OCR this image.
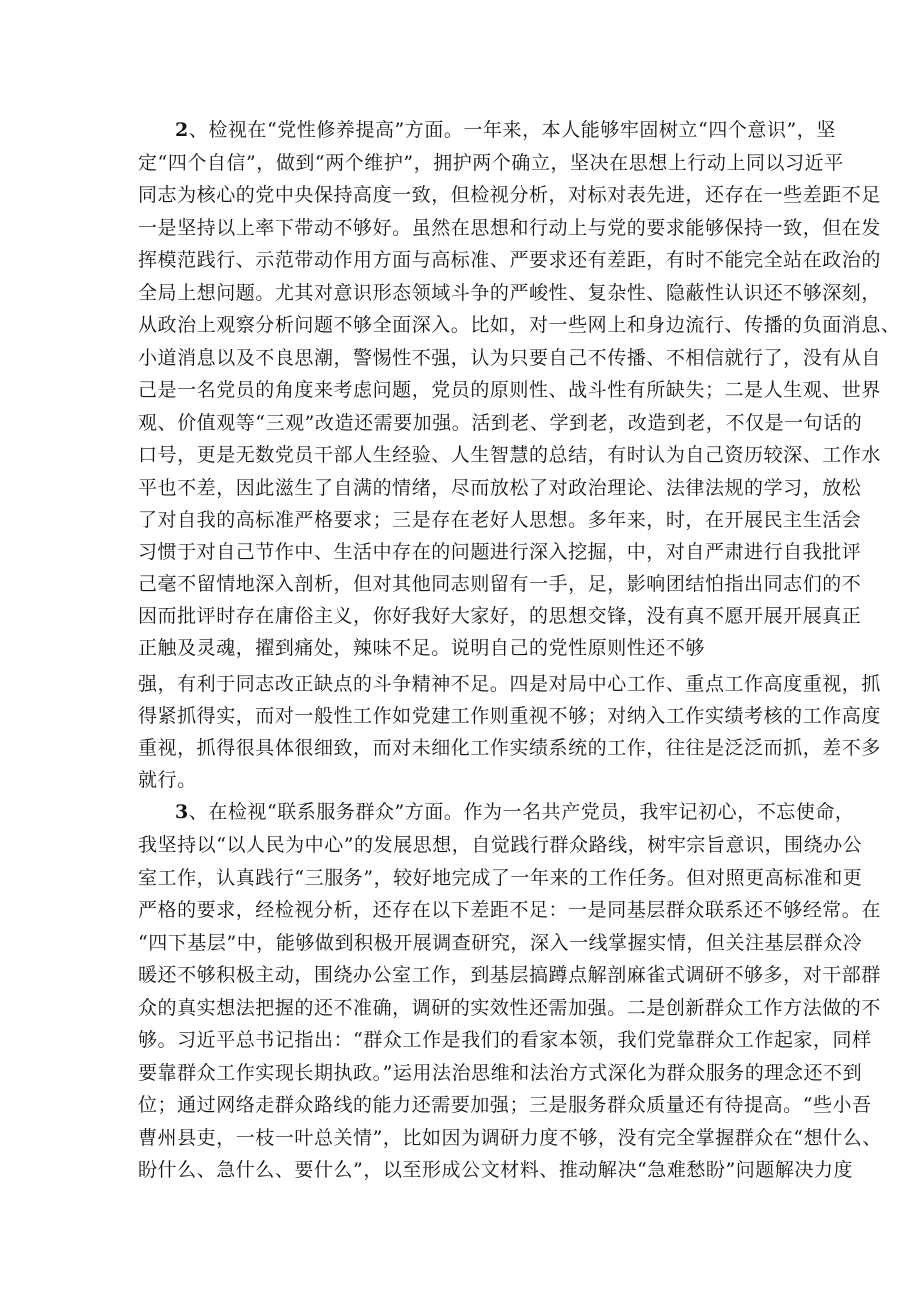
2、检视在“党性修养提高”方面。一年来，本人能够牢固树立“四个意识”，坚
定“四个自信”，做到“两个维护”，拥护两个确立，坚决在思想上行动上同以习近平
同志为核心的党中央保持高度一致，但检视分析，对标对表先进，还存在一些差距不足
一是坚持以上率下带动不够好。虽然在思想和行动上与党的要求能够保持一致，但在发
挥模范践行、示范带动作用方面与高标准、严要求还有差距，有时不能完全站在政治的
全局上想问题。尤其对意识形态领域斗争的严峻性、复杂性、隐蔽性认识还不够深刻，
从政治上观察分析问题不够全面深入。比如，对一些网上和身边流行、传播的负面消息、
小道消息以及不良思潮，警惕性不强，认为只要自己不传播、不相信就行了，没有从自
己是一名党员的角度来考虑问题，党员的原则性、战斗性有所缺失；二是人生观、世界
观、价值观等“三观”改造还需要加强。活到老、学到老，改造到老，不仅是一句话的
口号，更是无数党员干部人生经验、人生智慧的总结，有时认为自己资历较深、工作水
平也不差，因此滋生了自满的情绪，尽而放松了对政治理论、法律法规的学习，放松
了对自我的高标准严格要求；三是存在老好人思想。多年来，时，在开展民主生活会
习惯于对自己节作中、生活中存在的问题进行深入挖掘，中，对自严肃进行自我批评
己毫不留情地深入剖析，但对其他同志则留有一手，足，影响团结怕指出同志们的不
因而批评时存在庸俗主义，你好我好大家好，的思想交锋，没有真不愿开展开展真正
正触及灵魂，擢到痛处，辣味不足。说明自己的党性原则性还不够
强，有利于同志改正缺点的斗争精神不足。四是对局中心工作、重点工作高度重视，抓
得紧抓得实，而对一般性工作如党建工作则重视不够；对纳入工作实绩考核的工作高度
重视，抓得很具体很细致，而对未细化工作实绩系统的工作，往往是泛泛而抓，差不多
就行。
3、在检视“联系服务群众”方面。作为一名共产党员，我牢记初心，不忘使命，
我坚持以“以人民为中心”的发展思想，自觉践行群众路线，树牢宗旨意识，围绕办公
室工作，认真践行“三服务”，较好地完成了一年来的工作任务。但对照更高标准和更
严格的要求，经检视分析，还存在以下差距不足：一是同基层群众联系还不够经常。在
“四下基层”中，能够做到积极开展调查研究，深入一线掌握实情，但关注基层群众冷
暖还不够积极主动，围绕办公室工作，到基层搞蹲点解剖麻雀式调研不够多，对干部群
众的真实想法把握的还不准确，调研的实效性还需加强。二是创新群众工作方法做的不
够。习近平总书记指出：“群众工作是我们的看家本领，我们党靠群众工作起家，同样
要靠群众工作实现长期执政。”运用法治思维和法治方式深化为群众服务的理念还不到
位；通过网络走群众路线的能力还需要加强；三是服务群众质量还有待提高。“些小吾
曹州县吏，一枝一叶总关情”，比如因为调研力度不够，没有完全掌握群众在“想什么、
盼什么、急什么、要什么”，以至形成公文材料、推动解决“急难愁盼”问题解决力度
